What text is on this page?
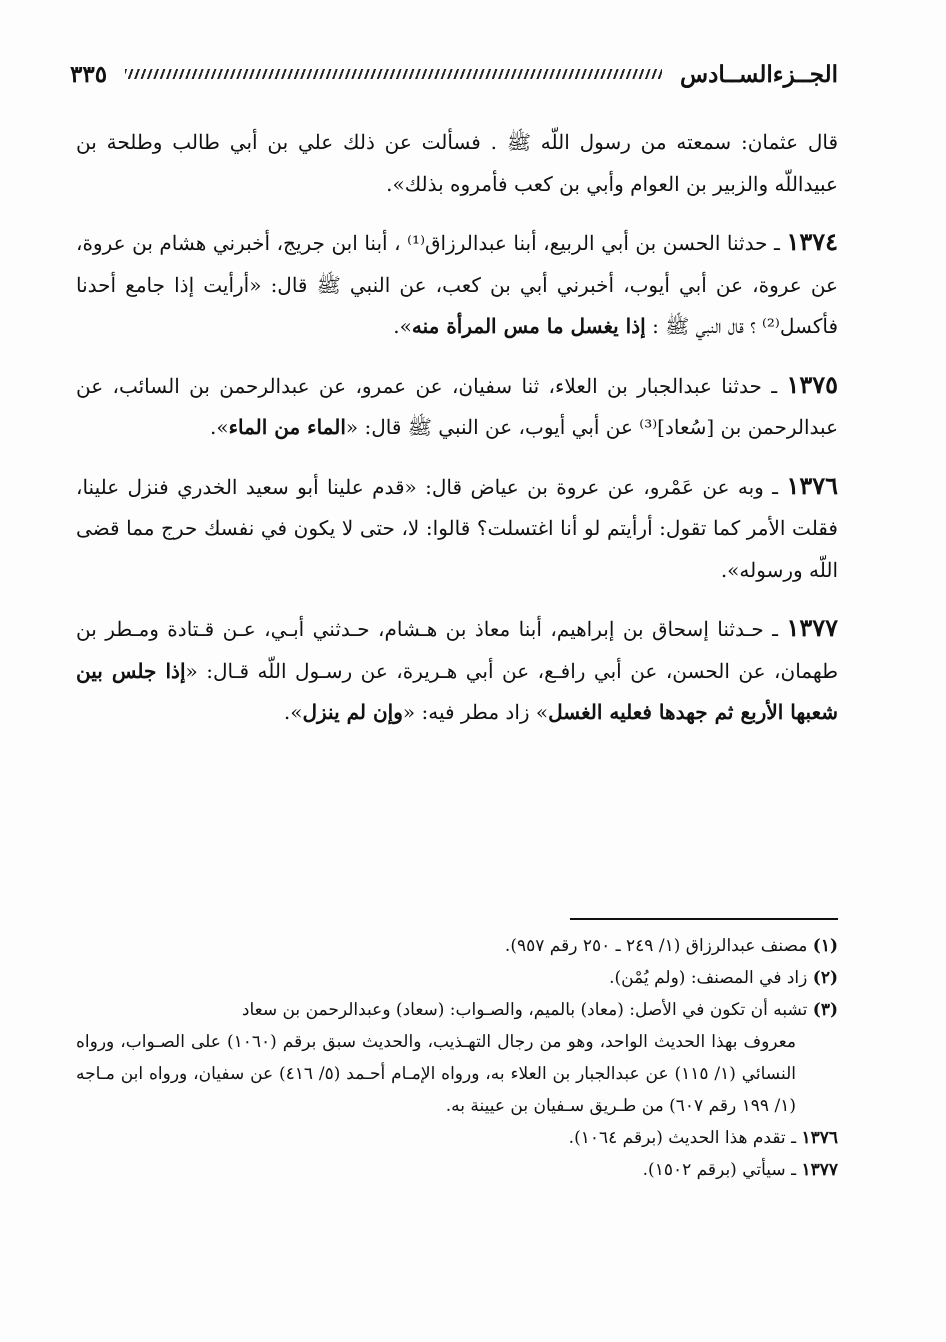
الجــزءالســادس
٣٣٥

قال عثمان: سمعته من رسول اللّه ﷺ . فسألت عن ذلك علي بن أبي طالب وطلحة بن عبيداللّه والزبير بن العوام وأبي بن كعب فأمروه بذلك».

١٣٧٤ ـ حدثنا الحسن بن أبي الربيع، أبنا عبدالرزاق⁽¹⁾ ، أبنا ابن جريج، أخبرني هشام بن عروة، عن عروة، عن أبي أيوب، أخبرني أبي بن كعب، عن النبي ﷺ قال: «أرأيت إذا جامع أحدنا فأكسل⁽²⁾ ؟ قال النبي ﷺ : إذا يغسل ما مس المرأة منه».

١٣٧٥ ـ حدثنا عبدالجبار بن العلاء، ثنا سفيان، عن عمرو، عن عبدالرحمن بن السائب، عن عبدالرحمن بن [سُعاد]⁽³⁾ عن أبي أيوب، عن النبي ﷺ قال: «الماء من الماء».

١٣٧٦ ـ وبه عن عَمْرو، عن عروة بن عياض قال: «قدم علينا أبو سعيد الخدري فنزل علينا، فقلت الأمر كما تقول: أرأيتم لو أنا اغتسلت؟ قالوا: لا، حتى لا يكون في نفسك حرج مما قضى اللّه ورسوله».

١٣٧٧ ـ حـدثنا إسحاق بن إبراهيم، أبنا معاذ بن هـشام، حـدثني أبـي، عـن قـتادة ومـطر بن طهمان، عن الحسن، عن أبي رافـع، عن أبي هـريرة، عن رسـول اللّه قـال: «إذا جلس بين شعبها الأربع ثم جهدها فعليه الغسل» زاد مطر فيه: «وإن لم ينزل».

(١) مصنف عبدالرزاق (١/ ٢٤٩ ـ ٢٥٠ رقم ٩٥٧).

(٢) زاد في المصنف: (ولم يُمْن).

(٣) تشبه أن تكون في الأصل: (معاد) بالميم، والصـواب: (سعاد) وعبدالرحمن بن سعاد

معروف بهذا الحديث الواحد، وهو من رجال التهـذيب، والحديث سبق برقم (١٠٦٠) على الصـواب، ورواه النسائي (١/ ١١٥) عن عبدالجبار بن العلاء به، ورواه الإمـام أحـمد (٥/ ٤١٦) عن سفيان، ورواه ابن مـاجه (١/ ١٩٩ رقم ٦٠٧) من طـريق سـفيان بن عيينة به.

١٣٧٦ ـ تقدم هذا الحديث (برقم ١٠٦٤).

١٣٧٧ ـ سيأتي (برقم ١٥٠٢).
